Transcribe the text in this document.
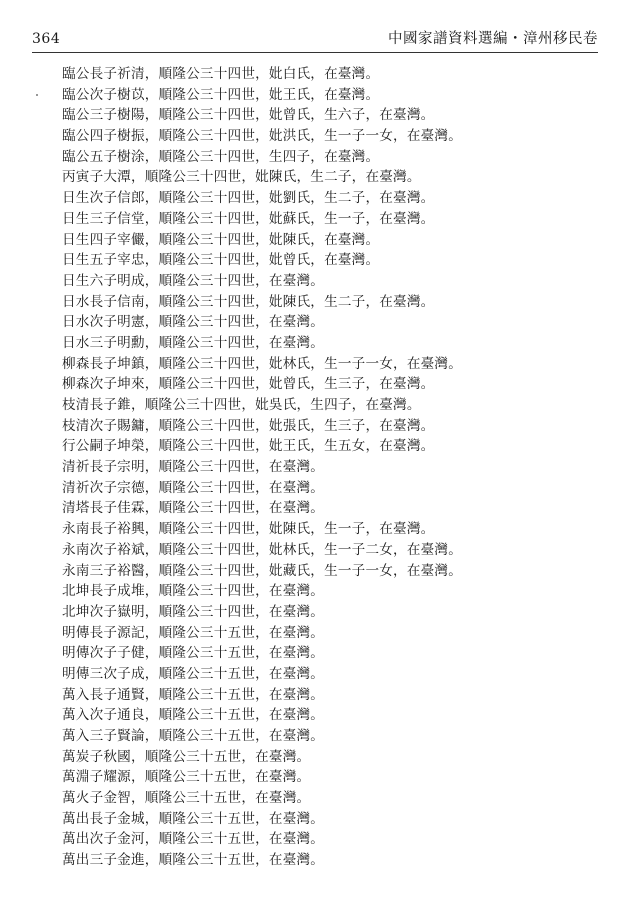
364	中國家譜資料選編・漳州移民卷
臨公長子祈清，順隆公三十四世，妣白氏，在臺灣。
臨公次子樹苡，順隆公三十四世，妣王氏，在臺灣。
臨公三子樹陽，順隆公三十四世，妣曾氏，生六子，在臺灣。
臨公四子樹振，順隆公三十四世，妣洪氏，生一子一女，在臺灣。
臨公五子樹涂，順隆公三十四世，生四子，在臺灣。
丙寅子大潭，順隆公三十四世，妣陳氏，生二子，在臺灣。
日生次子信郎，順隆公三十四世，妣劉氏，生二子，在臺灣。
日生三子信堂，順隆公三十四世，妣蘇氏，生一子，在臺灣。
日生四子宰儼，順隆公三十四世，妣陳氏，在臺灣。
日生五子宰忠，順隆公三十四世，妣曾氏，在臺灣。
日生六子明成，順隆公三十四世，在臺灣。
日水長子信南，順隆公三十四世，妣陳氏，生二子，在臺灣。
日水次子明憲，順隆公三十四世，在臺灣。
日水三子明勳，順隆公三十四世，在臺灣。
柳森長子坤鎮，順隆公三十四世，妣林氏，生一子一女，在臺灣。
柳森次子坤來，順隆公三十四世，妣曾氏，生三子，在臺灣。
枝清長子錐，順隆公三十四世，妣吳氏，生四子，在臺灣。
枝清次子賜鏞，順隆公三十四世，妣張氏，生三子，在臺灣。
行公嗣子坤榮，順隆公三十四世，妣王氏，生五女，在臺灣。
清祈長子宗明，順隆公三十四世，在臺灣。
清祈次子宗德，順隆公三十四世，在臺灣。
清塔長子佳霖，順隆公三十四世，在臺灣。
永南長子裕興，順隆公三十四世，妣陳氏，生一子，在臺灣。
永南次子裕斌，順隆公三十四世，妣林氏，生一子二女，在臺灣。
永南三子裕醫，順隆公三十四世，妣藏氏，生一子一女，在臺灣。
北坤長子成堆，順隆公三十四世，在臺灣。
北坤次子嶽明，順隆公三十四世，在臺灣。
明傳長子源記，順隆公三十五世，在臺灣。
明傳次子子健，順隆公三十五世，在臺灣。
明傳三次子成，順隆公三十五世，在臺灣。
萬入長子通賢，順隆公三十五世，在臺灣。
萬入次子通良，順隆公三十五世，在臺灣。
萬入三子賢論，順隆公三十五世，在臺灣。
萬炭子秋國，順隆公三十五世，在臺灣。
萬淵子耀源，順隆公三十五世，在臺灣。
萬火子金智，順隆公三十五世，在臺灣。
萬出長子金城，順隆公三十五世，在臺灣。
萬出次子金河，順隆公三十五世，在臺灣。
萬出三子金進，順隆公三十五世，在臺灣。
